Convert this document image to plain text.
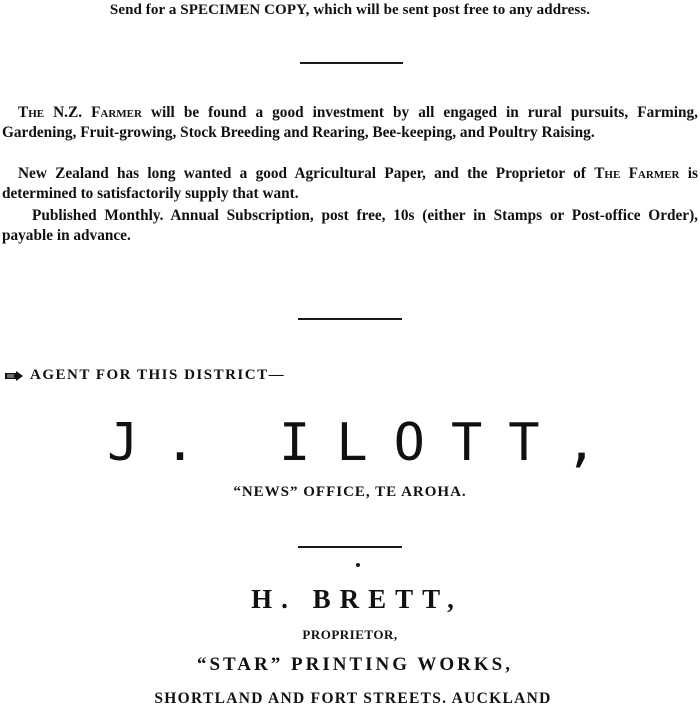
Send for a SPECIMEN COPY, which will be sent post free to any address.
The N.Z. Farmer will be found a good investment by all engaged in rural pursuits, Farming, Gardening, Fruit-growing, Stock Breeding and Rearing, Bee-keeping, and Poultry Raising.
New Zealand has long wanted a good Agricultural Paper, and the Proprietor of The Farmer is determined to satisfactorily supply that want.
Published Monthly. Annual Subscription, post free, 10s (either in Stamps or Post-office Order), payable in advance.
AGENT FOR THIS DISTRICT—
J. ILOTT,
“NEWS” OFFICE, TE AROHA.
H. BRETT,
PROPRIETOR,
“STAR” PRINTING WORKS,
SHORTLAND AND FORT STREETS. AUCKLAND
